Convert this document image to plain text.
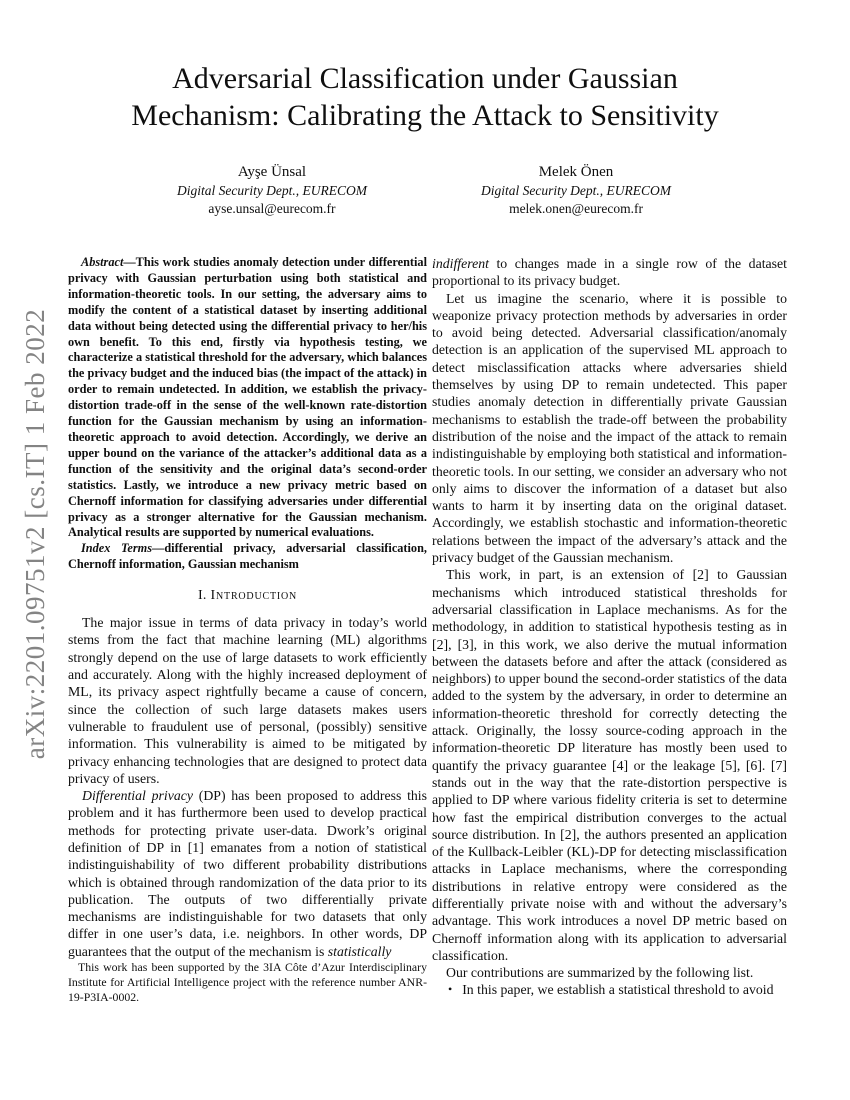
arXiv:2201.09751v2 [cs.IT] 1 Feb 2022
Adversarial Classification under Gaussian
Mechanism: Calibrating the Attack to Sensitivity
Ayşe Ünsal
Digital Security Dept., EURECOM
ayse.unsal@eurecom.fr
Melek Önen
Digital Security Dept., EURECOM
melek.onen@eurecom.fr

Abstract—This work studies anomaly detection under differential privacy with Gaussian perturbation using both statistical and information-theoretic tools. In our setting, the adversary aims to modify the content of a statistical dataset by inserting additional data without being detected using the differential privacy to her/his own benefit. To this end, firstly via hypothesis testing, we characterize a statistical threshold for the adversary, which balances the privacy budget and the induced bias (the impact of the attack) in order to remain undetected. In addition, we establish the privacy-distortion trade-off in the sense of the well-known rate-distortion function for the Gaussian mechanism by using an information-theoretic approach to avoid detection. Accordingly, we derive an upper bound on the variance of the attacker’s additional data as a function of the sensitivity and the original data’s second-order statistics. Lastly, we introduce a new privacy metric based on Chernoff information for classifying adversaries under differential privacy as a stronger alternative for the Gaussian mechanism. Analytical results are supported by numerical evaluations.

Index Terms—differential privacy, adversarial classification, Chernoff information, Gaussian mechanism

I. Introduction

The major issue in terms of data privacy in today’s world stems from the fact that machine learning (ML) algorithms strongly depend on the use of large datasets to work efficiently and accurately. Along with the highly increased deployment of ML, its privacy aspect rightfully became a cause of concern, since the collection of such large datasets makes users vulnerable to fraudulent use of personal, (possibly) sensitive information. This vulnerability is aimed to be mitigated by privacy enhancing technologies that are designed to protect data privacy of users.

Differential privacy (DP) has been proposed to address this problem and it has furthermore been used to develop practical methods for protecting private user-data. Dwork’s original definition of DP in [1] emanates from a notion of statistical indistinguishability of two different probability distributions which is obtained through randomization of the data prior to its publication. The outputs of two differentially private mechanisms are indistinguishable for two datasets that only differ in one user’s data, i.e. neighbors. In other words, DP guarantees that the output of the mechanism is statistically

This work has been supported by the 3IA Côte d’Azur Interdisciplinary Institute for Artificial Intelligence project with the reference number ANR-19-P3IA-0002.

indifferent to changes made in a single row of the dataset proportional to its privacy budget.

Let us imagine the scenario, where it is possible to weaponize privacy protection methods by adversaries in order to avoid being detected. Adversarial classification/anomaly detection is an application of the supervised ML approach to detect misclassification attacks where adversaries shield themselves by using DP to remain undetected. This paper studies anomaly detection in differentially private Gaussian mechanisms to establish the trade-off between the probability distribution of the noise and the impact of the attack to remain indistinguishable by employing both statistical and information-theoretic tools. In our setting, we consider an adversary who not only aims to discover the information of a dataset but also wants to harm it by inserting data on the original dataset. Accordingly, we establish stochastic and information-theoretic relations between the impact of the adversary’s attack and the privacy budget of the Gaussian mechanism.

This work, in part, is an extension of [2] to Gaussian mechanisms which introduced statistical thresholds for adversarial classification in Laplace mechanisms. As for the methodology, in addition to statistical hypothesis testing as in [2], [3], in this work, we also derive the mutual information between the datasets before and after the attack (considered as neighbors) to upper bound the second-order statistics of the data added to the system by the adversary, in order to determine an information-theoretic threshold for correctly detecting the attack. Originally, the lossy source-coding approach in the information-theoretic DP literature has mostly been used to quantify the privacy guarantee [4] or the leakage [5], [6]. [7] stands out in the way that the rate-distortion perspective is applied to DP where various fidelity criteria is set to determine how fast the empirical distribution converges to the actual source distribution. In [2], the authors presented an application of the Kullback-Leibler (KL)-DP for detecting misclassification attacks in Laplace mechanisms, where the corresponding distributions in relative entropy were considered as the differentially private noise with and without the adversary’s advantage. This work introduces a novel DP metric based on Chernoff information along with its application to adversarial classification.

Our contributions are summarized by the following list.

• In this paper, we establish a statistical threshold to avoid
